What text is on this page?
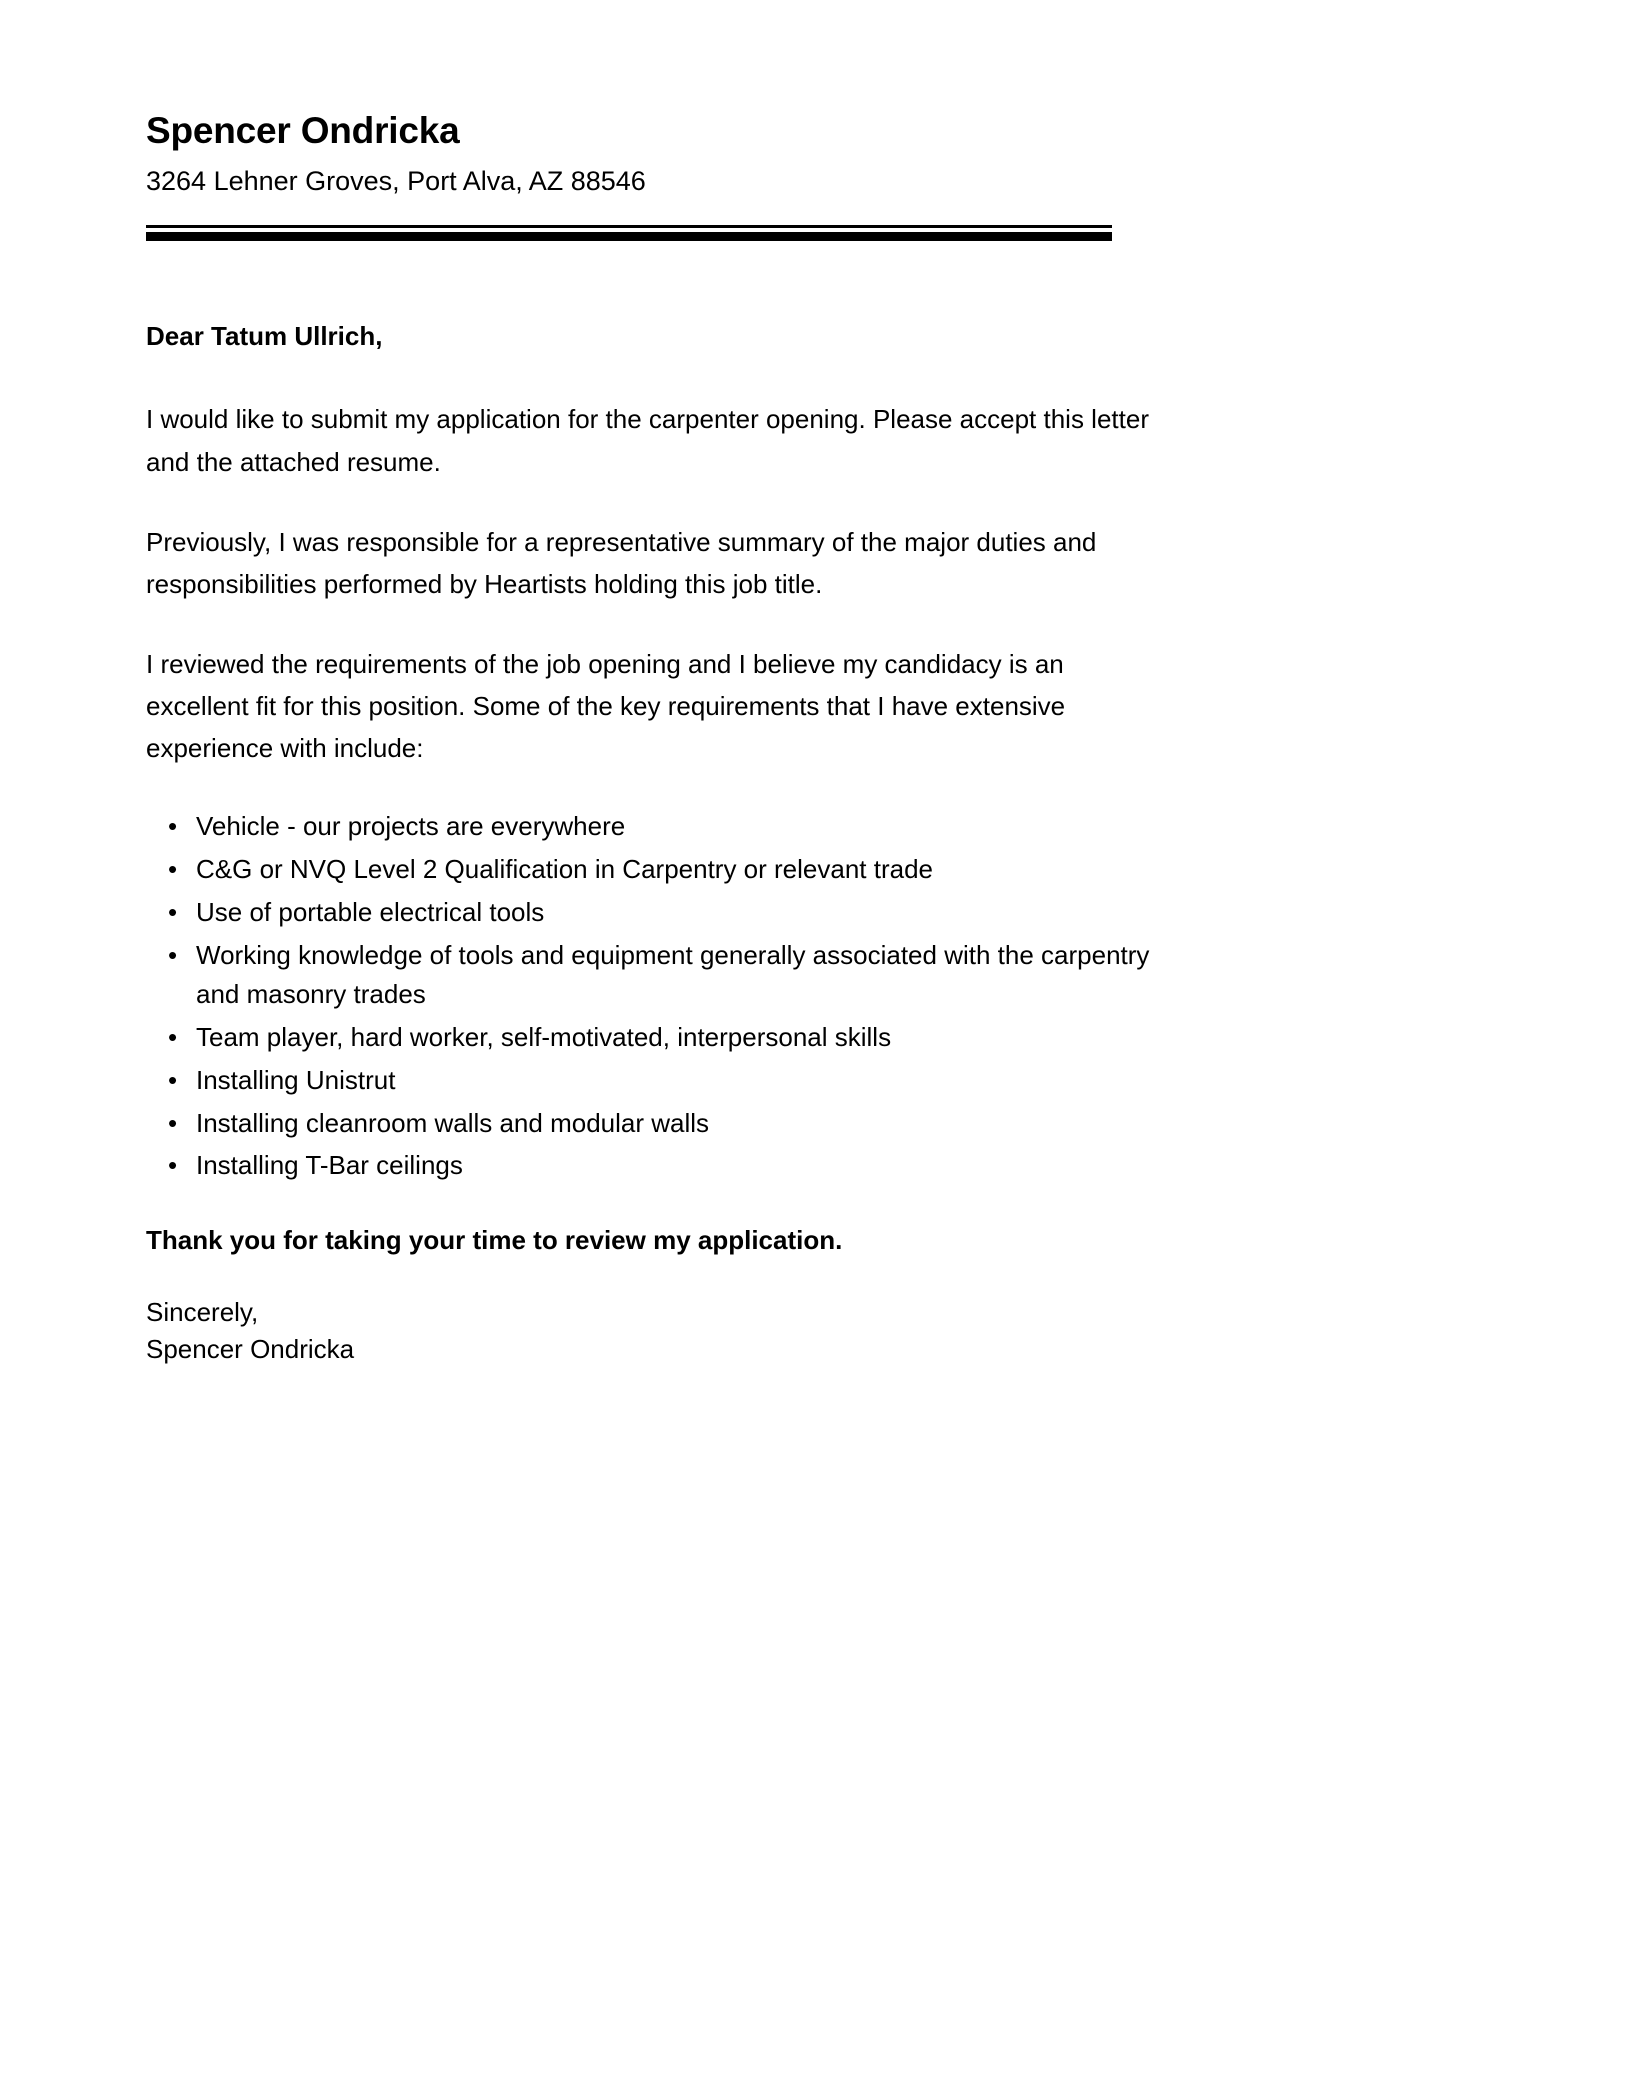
Spencer Ondricka
3264 Lehner Groves, Port Alva, AZ 88546

Dear Tatum Ullrich,

I would like to submit my application for the carpenter opening. Please accept this letter and the attached resume.

Previously, I was responsible for a representative summary of the major duties and responsibilities performed by Heartists holding this job title.

I reviewed the requirements of the job opening and I believe my candidacy is an excellent fit for this position. Some of the key requirements that I have extensive experience with include:

• Vehicle - our projects are everywhere
• C&G or NVQ Level 2 Qualification in Carpentry or relevant trade
• Use of portable electrical tools
• Working knowledge of tools and equipment generally associated with the carpentry and masonry trades
• Team player, hard worker, self-motivated, interpersonal skills
• Installing Unistrut
• Installing cleanroom walls and modular walls
• Installing T-Bar ceilings

Thank you for taking your time to review my application.

Sincerely,
Spencer Ondricka
